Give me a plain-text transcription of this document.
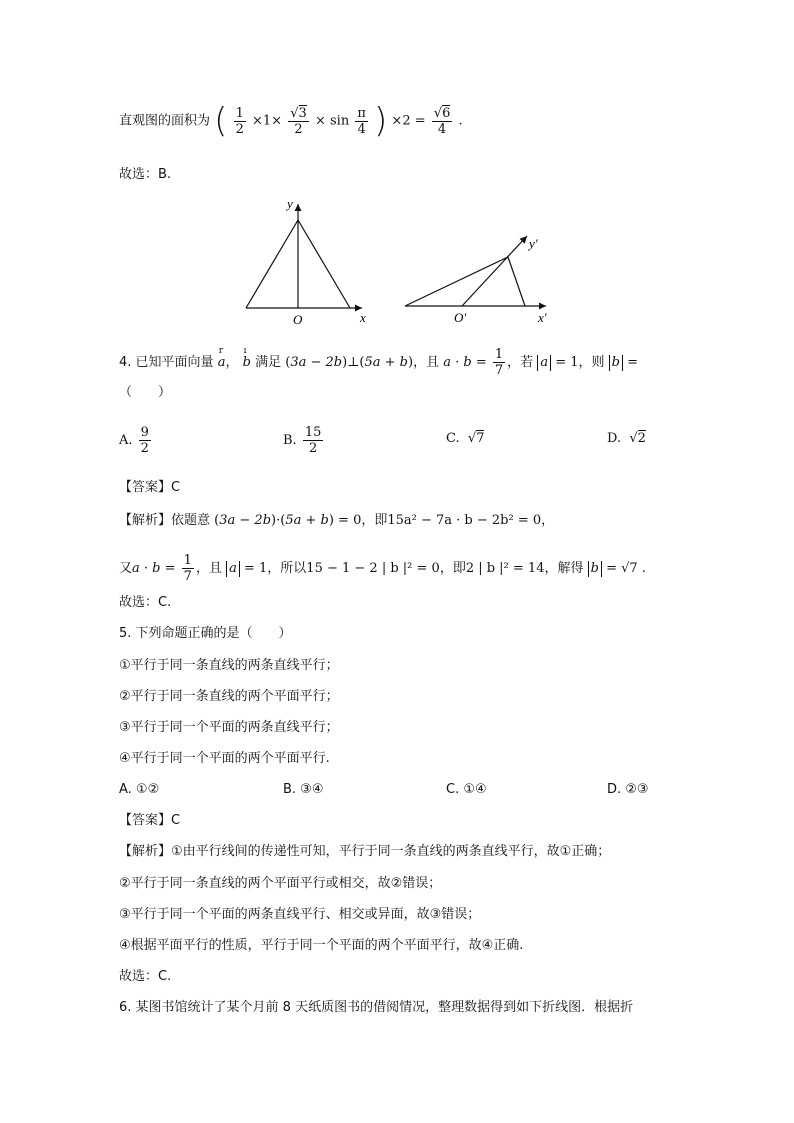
直观图的面积为 ( $\frac{1}{2} \times 1\times \frac{√3}{2} \times \sin \frac{\pi}{4}$ ) $\times 2 = \frac{√6}{4}$ .
故选：B.
y
O	x
y′
O′	x′
4. 已知平面向量 r a， ı b 满足 (3a − 2b)⊥(5a + b)，且 $a \cdot b = \frac{1}{7}$ ，若 a = 1，则 b =
（　　）
A. $\frac{9}{2}$	B. $\frac{15}{2}$	C.  √7	D.  √2
【答案】C
【解析】依题意 (3a − 2b)·(5a + b) = 0，即15a² − 7a · b − 2b² = 0，
又$a \cdot b = \frac{1}{7}$ ，且 a = 1，所以15 − 1 − 2 | b |² = 0，即2 | b |² = 14，解得 b = √7 .
故选：C.
5. 下列命题正确的是（　　）
①平行于同一条直线的两条直线平行；
②平行于同一条直线的两个平面平行；
③平行于同一个平面的两条直线平行；
④平行于同一个平面的两个平面平行.
A. ①②	B. ③④	C. ①④	D. ②③
【答案】C
【解析】①由平行线间的传递性可知，平行于同一条直线的两条直线平行，故①正确；
②平行于同一条直线的两个平面平行或相交，故②错误；
③平行于同一个平面的两条直线平行、相交或异面，故③错误；
④根据平面平行的性质，平行于同一个平面的两个平面平行，故④正确.
故选：C.
6. 某图书馆统计了某个月前 8 天纸质图书的借阅情况，整理数据得到如下折线图．根据折
